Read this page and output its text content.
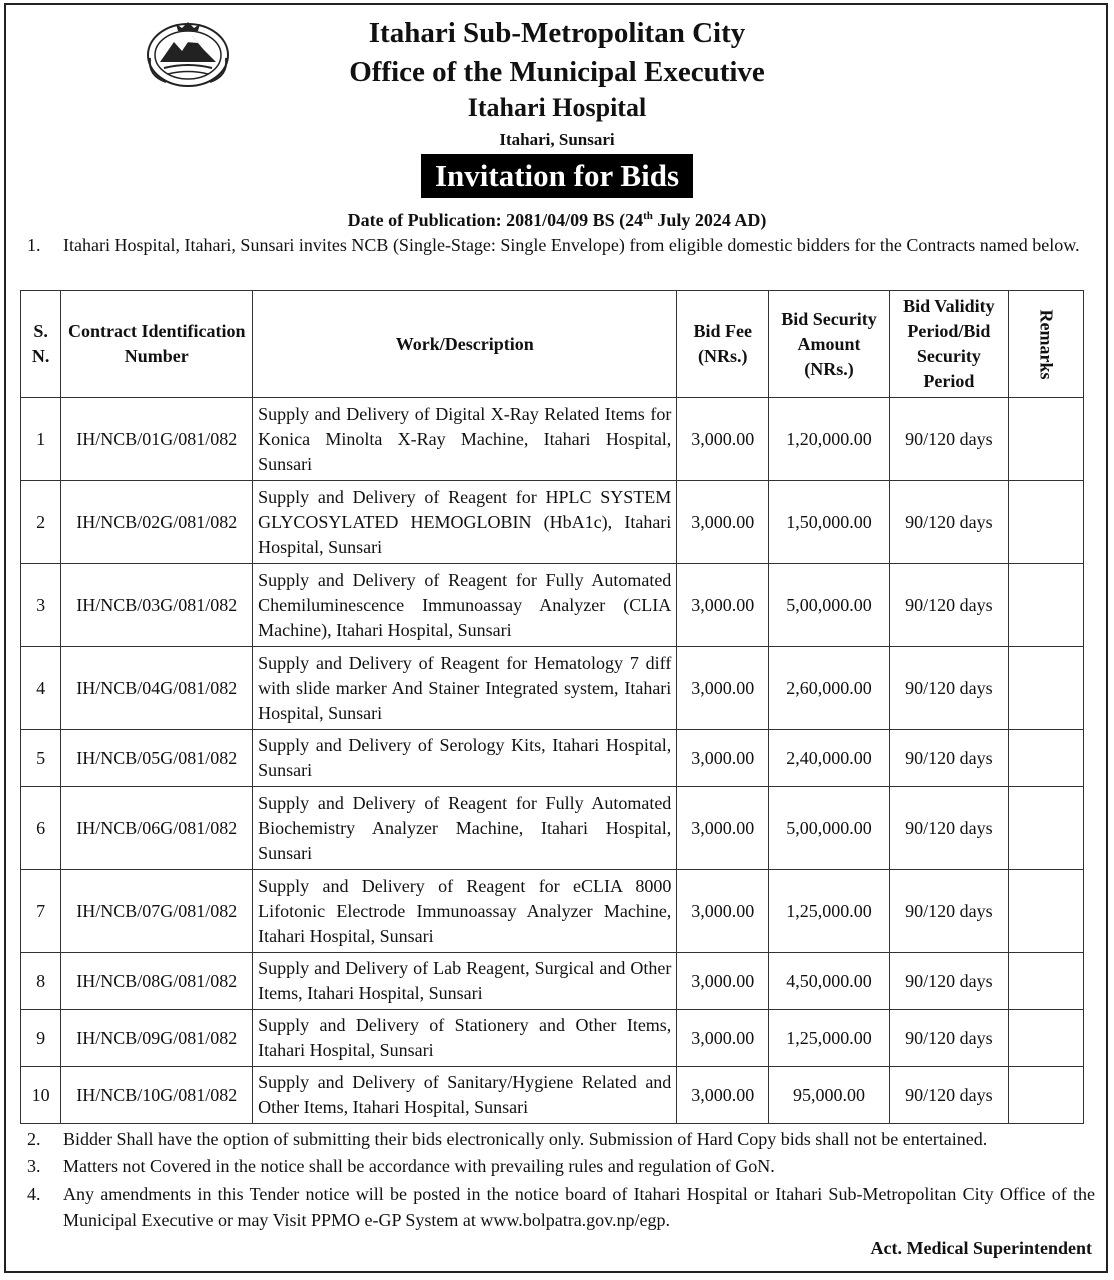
Itahari Sub-Metropolitan City
Office of the Municipal Executive
Itahari Hospital
Itahari, Sunsari
Invitation for Bids
Date of Publication: 2081/04/09 BS (24th July 2024 AD)
1. Itahari Hospital, Itahari, Sunsari invites NCB (Single-Stage: Single Envelope) from eligible domestic bidders for the Contracts named below.
S. N.	Contract Identification Number	Work/Description	Bid Fee (NRs.)	Bid Security Amount (NRs.)	Bid Validity Period/Bid Security Period	Remarks
1	IH/NCB/01G/081/082	Supply and Delivery of Digital X-Ray Related Items for Konica Minolta X-Ray Machine, Itahari Hospital, Sunsari	3,000.00	1,20,000.00	90/120 days	
2	IH/NCB/02G/081/082	Supply and Delivery of Reagent for HPLC SYSTEM GLYCOSYLATED HEMOGLOBIN (HbA1c), Itahari Hospital, Sunsari	3,000.00	1,50,000.00	90/120 days	
3	IH/NCB/03G/081/082	Supply and Delivery of Reagent for Fully Automated Chemiluminescence Immunoassay Analyzer (CLIA Machine), Itahari Hospital, Sunsari	3,000.00	5,00,000.00	90/120 days	
4	IH/NCB/04G/081/082	Supply and Delivery of Reagent for Hematology 7 diff with slide marker And Stainer Integrated system, Itahari Hospital, Sunsari	3,000.00	2,60,000.00	90/120 days	
5	IH/NCB/05G/081/082	Supply and Delivery of Serology Kits, Itahari Hospital, Sunsari	3,000.00	2,40,000.00	90/120 days	
6	IH/NCB/06G/081/082	Supply and Delivery of Reagent for Fully Automated Biochemistry Analyzer Machine, Itahari Hospital, Sunsari	3,000.00	5,00,000.00	90/120 days	
7	IH/NCB/07G/081/082	Supply and Delivery of Reagent for eCLIA 8000 Lifotonic Electrode Immunoassay Analyzer Machine, Itahari Hospital, Sunsari	3,000.00	1,25,000.00	90/120 days	
8	IH/NCB/08G/081/082	Supply and Delivery of Lab Reagent, Surgical and Other Items, Itahari Hospital, Sunsari	3,000.00	4,50,000.00	90/120 days	
9	IH/NCB/09G/081/082	Supply and Delivery of Stationery and Other Items, Itahari Hospital, Sunsari	3,000.00	1,25,000.00	90/120 days	
10	IH/NCB/10G/081/082	Supply and Delivery of Sanitary/Hygiene Related and Other Items, Itahari Hospital, Sunsari	3,000.00	95,000.00	90/120 days	
2. Bidder Shall have the option of submitting their bids electronically only. Submission of Hard Copy bids shall not be entertained.
3. Matters not Covered in the notice shall be accordance with prevailing rules and regulation of GoN.
4. Any amendments in this Tender notice will be posted in the notice board of Itahari Hospital or Itahari Sub-Metropolitan City Office of the Municipal Executive or may Visit PPMO e-GP System at www.bolpatra.gov.np/egp.
Act. Medical Superintendent
